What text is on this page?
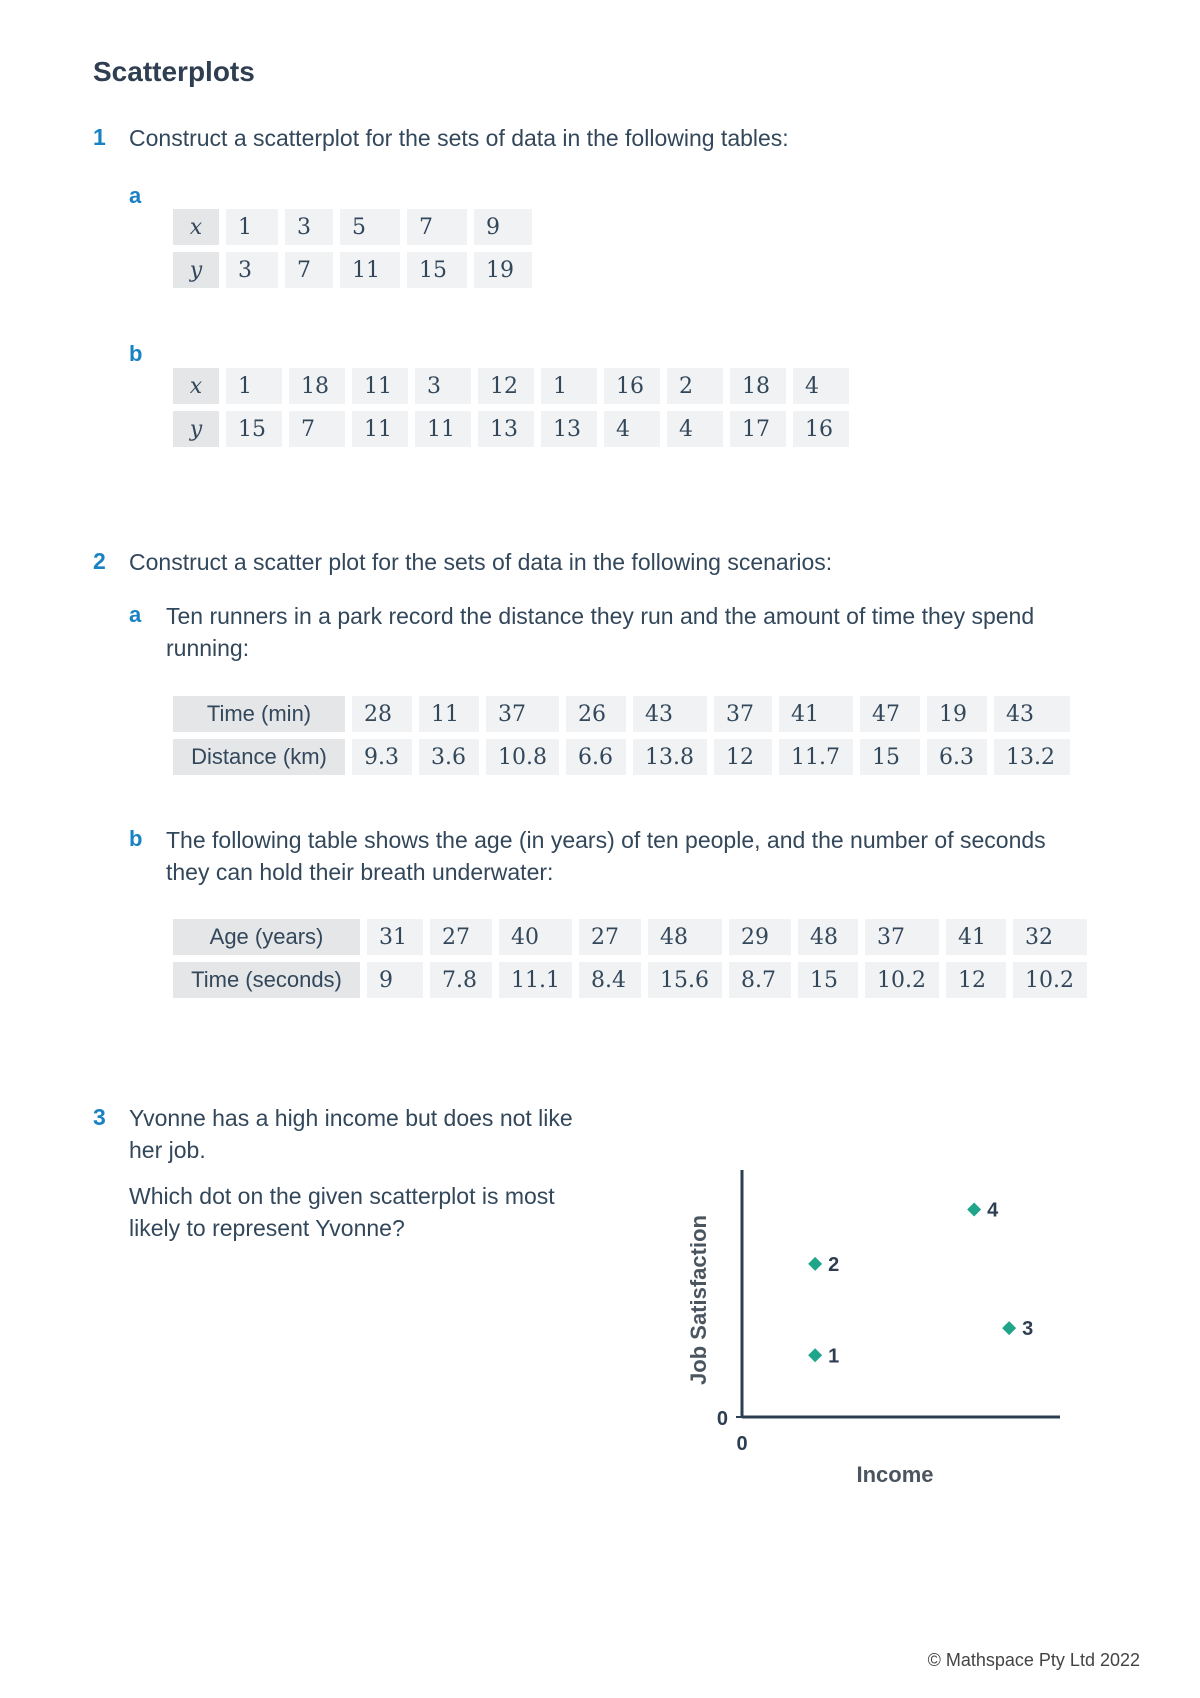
Scatterplots
1 Construct a scatterplot for the sets of data in the following tables:
a
x	1	3	5	7	9
y	3	7	11	15	19
b
x	1	18	11	3	12	1	16	2	18	4
y	15	7	11	11	13	13	4	4	17	16
2 Construct a scatter plot for the sets of data in the following scenarios:
a Ten runners in a park record the distance they run and the amount of time they spend
running:
Time (min)	28	11	37	26	43	37	41	47	19	43
Distance (km)	9.3	3.6	10.8	6.6	13.8	12	11.7	15	6.3	13.2
b The following table shows the age (in years) of ten people, and the number of seconds
they can hold their breath underwater:
Age (years)	31	27	40	27	48	29	48	37	41	32
Time (seconds)	9	7.8	11.1	8.4	15.6	8.7	15	10.2	12	10.2
3 Yvonne has a high income but does not like
her job.
Which dot on the given scatterplot is most
likely to represent Yvonne?
0
0
Income
Job Satisfaction	1
2
3
4
© Mathspace Pty Ltd 2022
